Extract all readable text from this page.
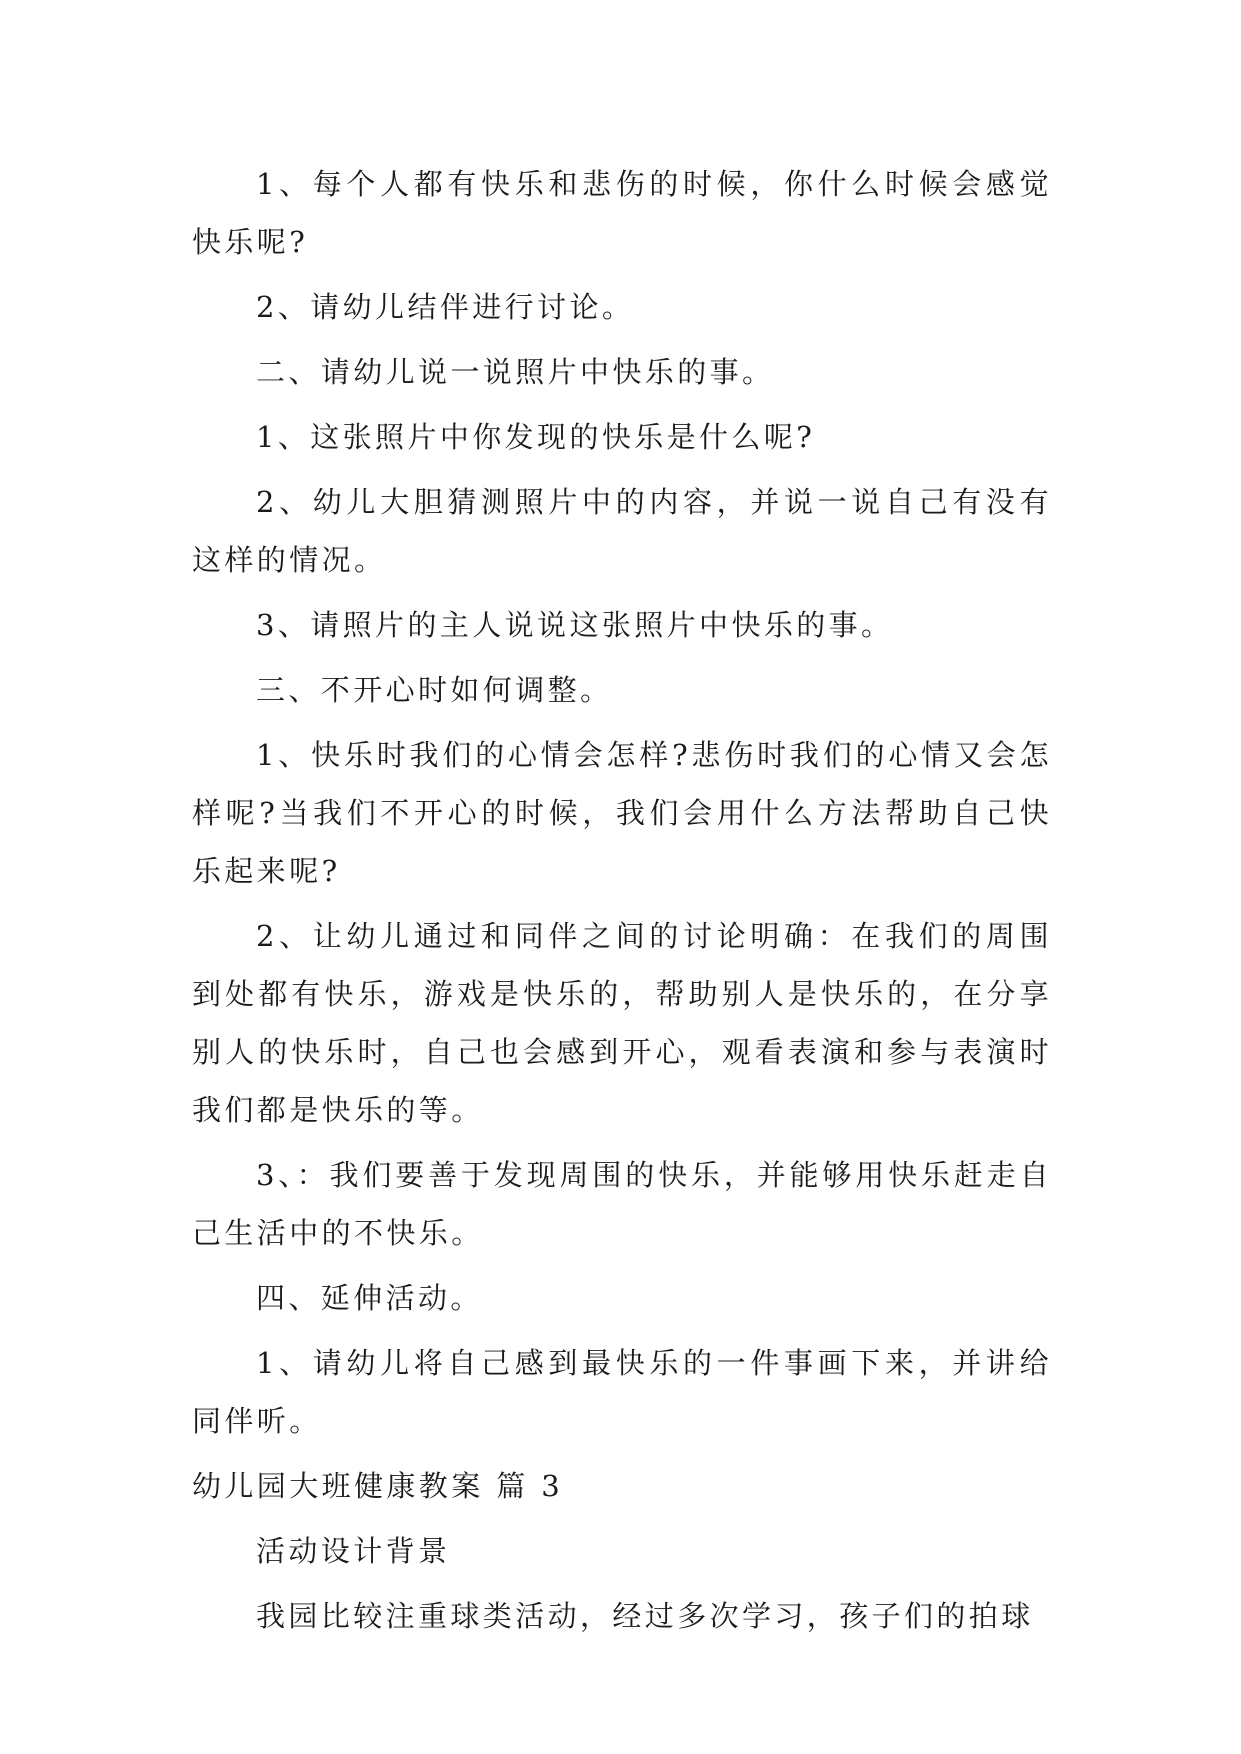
1、每个人都有快乐和悲伤的时候，你什么时候会感觉快乐呢?

2、请幼儿结伴进行讨论。

二、请幼儿说一说照片中快乐的事。

1、这张照片中你发现的快乐是什么呢?

2、幼儿大胆猜测照片中的内容，并说一说自己有没有这样的情况。

3、请照片的主人说说这张照片中快乐的事。

三、不开心时如何调整。

1、快乐时我们的心情会怎样?悲伤时我们的心情又会怎样呢?当我们不开心的时候，我们会用什么方法帮助自己快乐起来呢?

2、让幼儿通过和同伴之间的讨论明确：在我们的周围到处都有快乐，游戏是快乐的，帮助别人是快乐的，在分享别人的快乐时，自己也会感到开心，观看表演和参与表演时我们都是快乐的等。

3、：我们要善于发现周围的快乐，并能够用快乐赶走自己生活中的不快乐。

四、延伸活动。

1、请幼儿将自己感到最快乐的一件事画下来，并讲给同伴听。

幼儿园大班健康教案 篇 3

活动设计背景

我园比较注重球类活动，经过多次学习，孩子们的拍球
